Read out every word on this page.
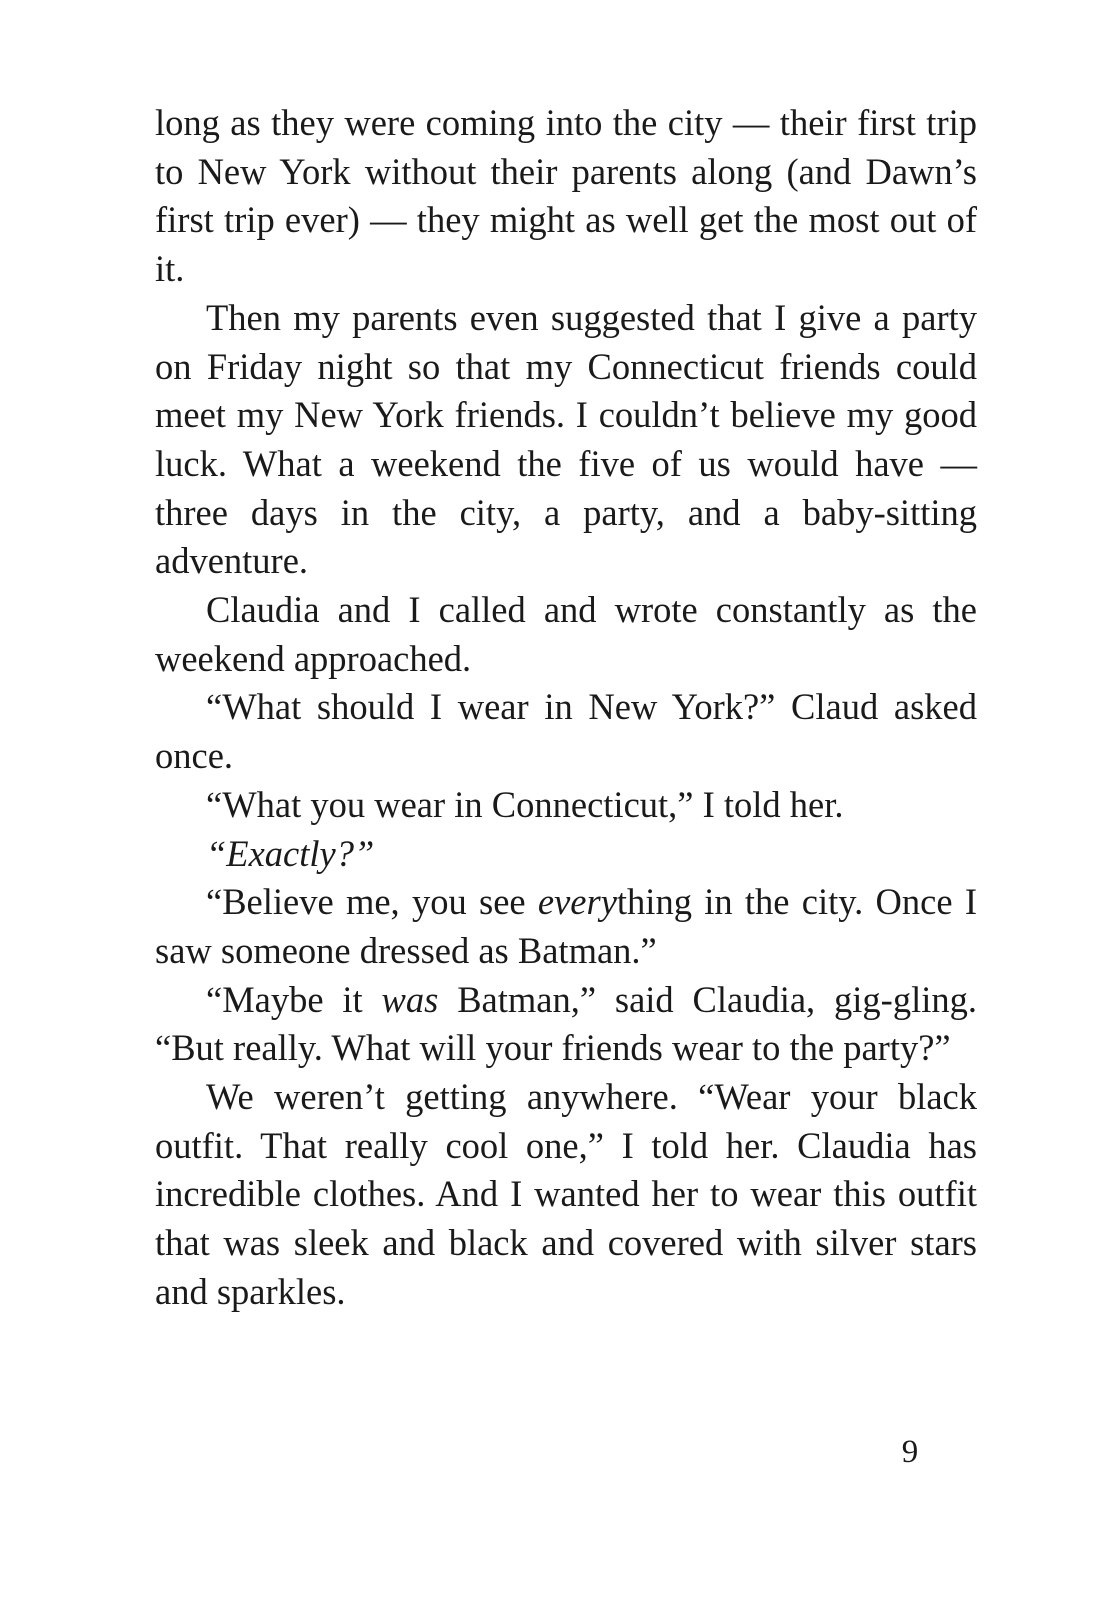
long as they were coming into the city — their first trip to New York without their parents along (and Dawn’s first trip ever) — they might as well get the most out of it.

Then my parents even suggested that I give a party on Friday night so that my Connecticut friends could meet my New York friends. I couldn’t believe my good luck. What a weekend the five of us would have — three days in the city, a party, and a baby-sitting adventure.

Claudia and I called and wrote constantly as the weekend approached.

“What should I wear in New York?” Claud asked once.

“What you wear in Connecticut,” I told her.

“Exactly?”

“Believe me, you see everything in the city. Once I saw someone dressed as Batman.”

“Maybe it was Batman,” said Claudia, gig-gling. “But really. What will your friends wear to the party?”

We weren’t getting anywhere. “Wear your black outfit. That really cool one,” I told her. Claudia has incredible clothes. And I wanted her to wear this outfit that was sleek and black and covered with silver stars and sparkles.

9
